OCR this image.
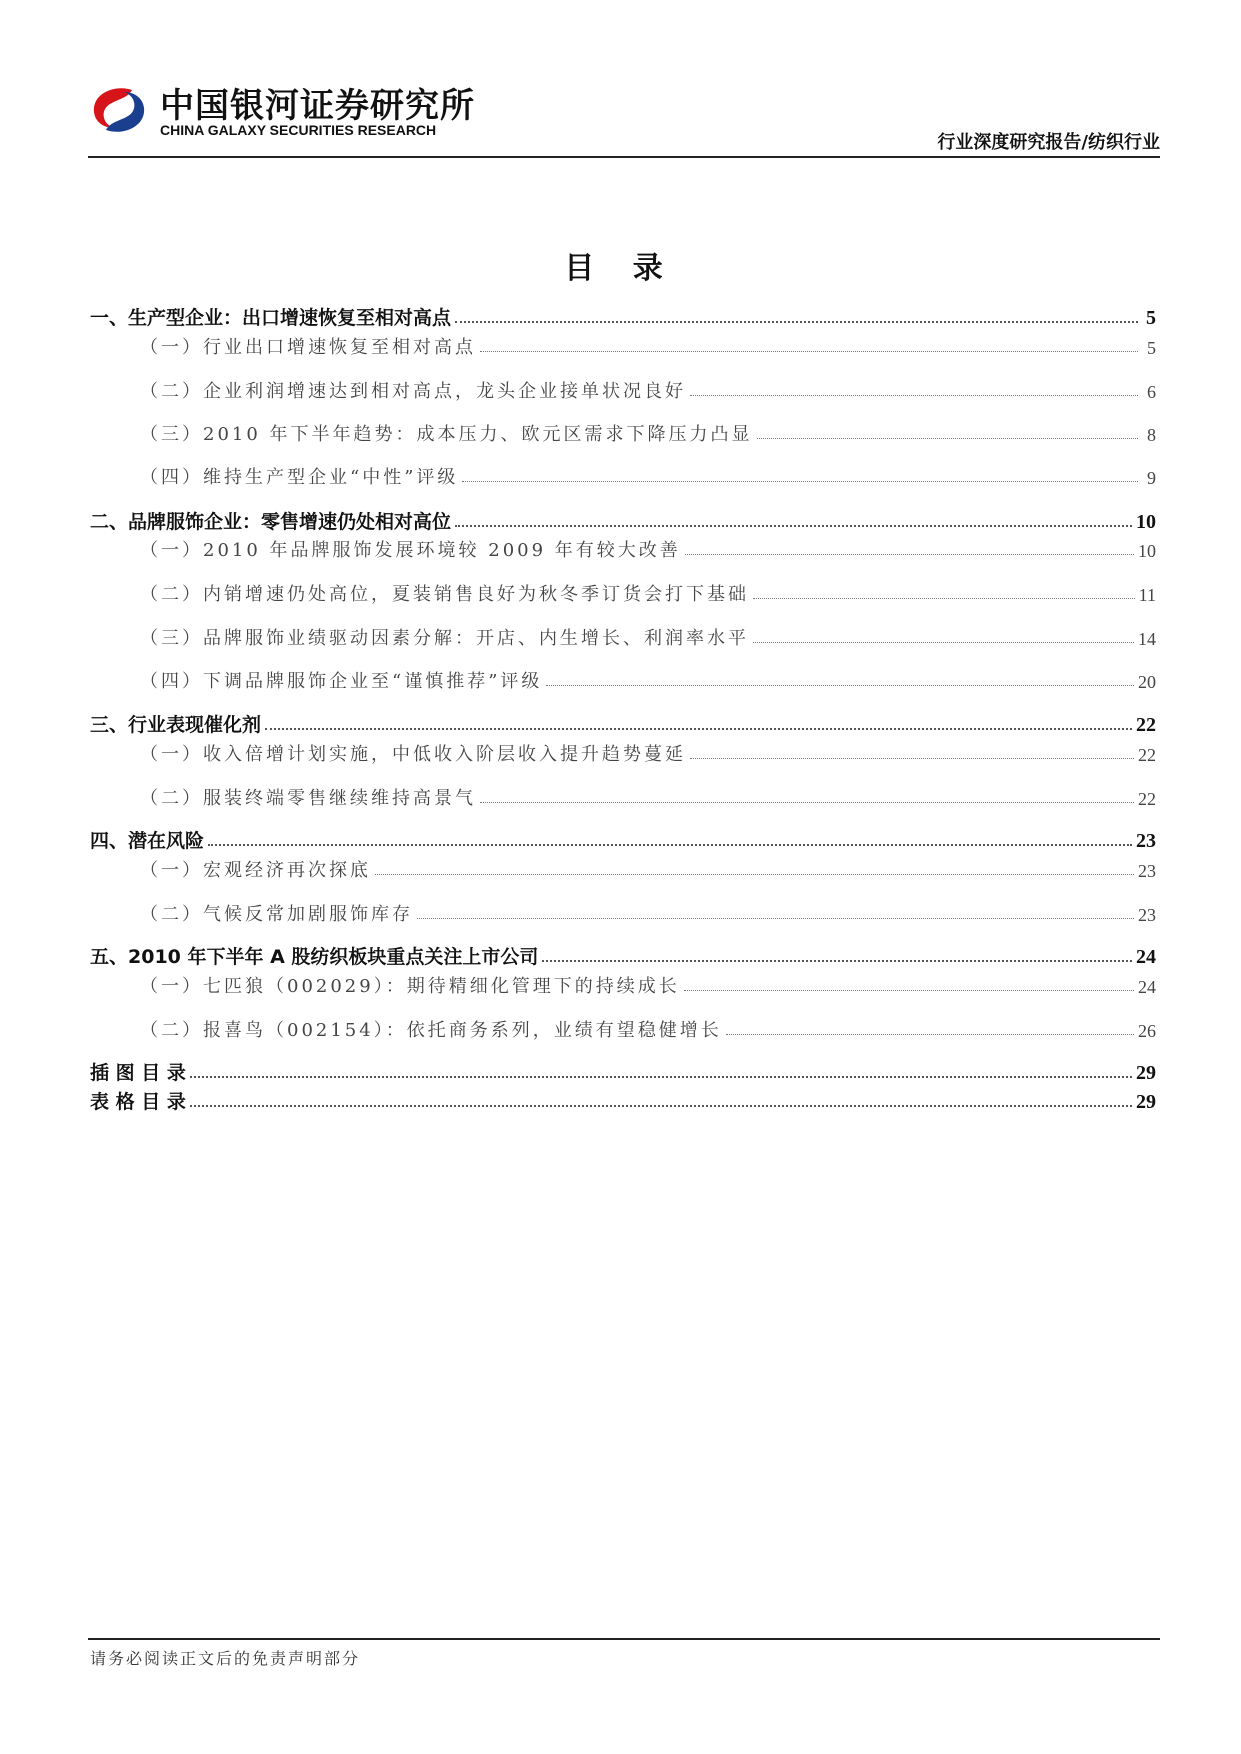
中国银河证券研究所
CHINA GALAXY SECURITIES RESEARCH
行业深度研究报告/纺织行业
目 录
一、生产型企业：出口增速恢复至相对高点	5
（一）行业出口增速恢复至相对高点	5
（二）企业利润增速达到相对高点，龙头企业接单状况良好	6
（三）2010 年下半年趋势：成本压力、欧元区需求下降压力凸显	8
（四）维持生产型企业“中性”评级	9
二、品牌服饰企业：零售增速仍处相对高位	10
（一）2010 年品牌服饰发展环境较 2009 年有较大改善	10
（二）内销增速仍处高位，夏装销售良好为秋冬季订货会打下基础	11
（三）品牌服饰业绩驱动因素分解：开店、内生增长、利润率水平	14
（四）下调品牌服饰企业至“谨慎推荐”评级	20
三、行业表现催化剂	22
（一）收入倍增计划实施，中低收入阶层收入提升趋势蔓延	22
（二）服装终端零售继续维持高景气	22
四、潜在风险	23
（一）宏观经济再次探底	23
（二）气候反常加剧服饰库存	23
五、2010 年下半年 A 股纺织板块重点关注上市公司	24
（一）七匹狼（002029）：期待精细化管理下的持续成长	24
（二）报喜鸟（002154）：依托商务系列，业绩有望稳健增长	26
插 图 目 录	29
表 格 目 录	29
请务必阅读正文后的免责声明部分
